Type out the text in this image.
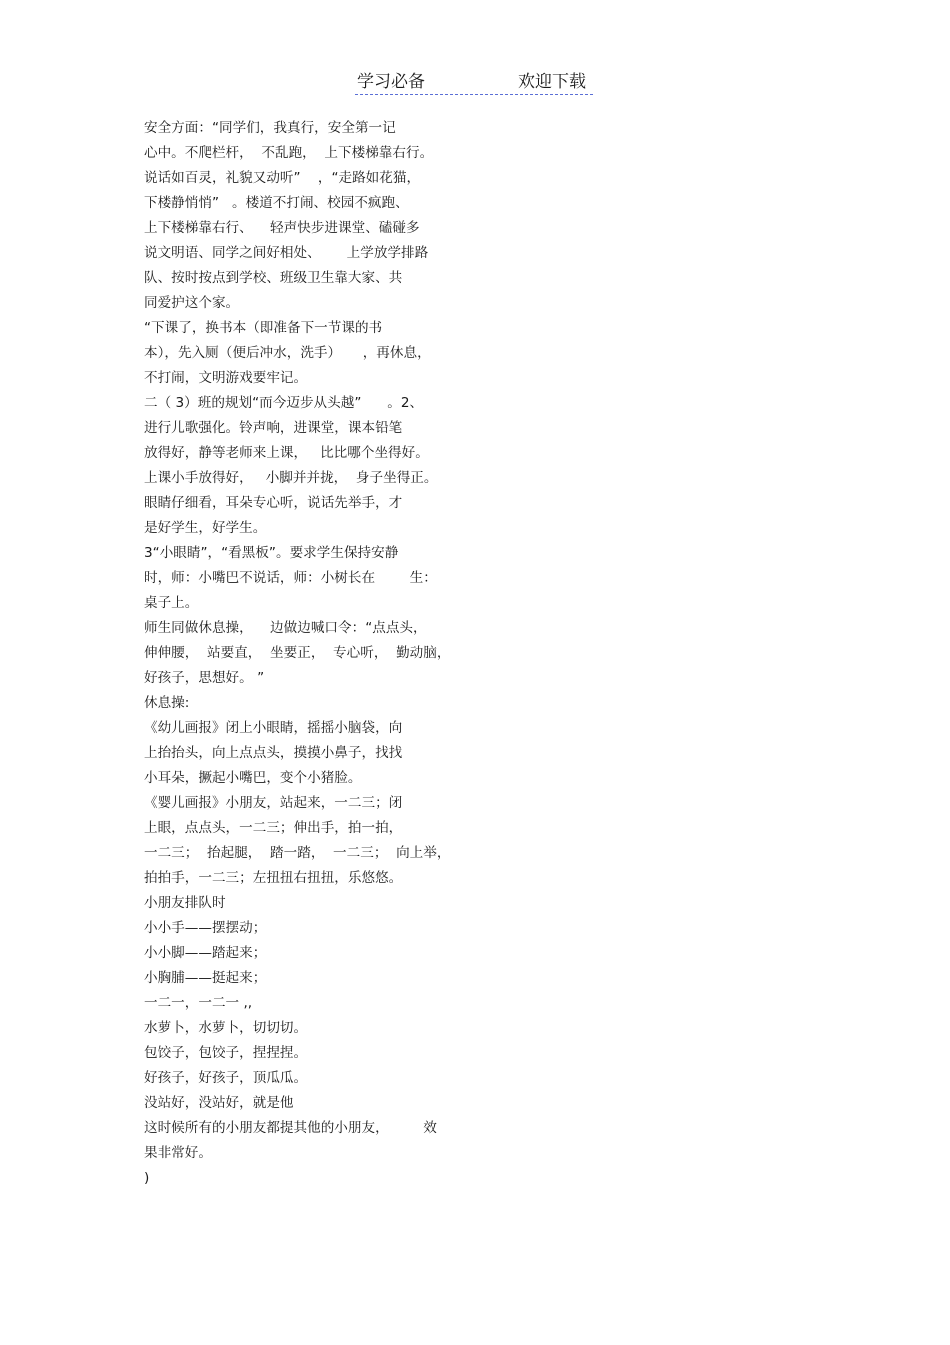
学习必备	欢迎下载
安全方面：“同学们，我真行，安全第一记
心中。不爬栏杆，  不乱跑，  上下楼梯靠右行。
说话如百灵，礼貌又动听”    ，“走路如花猫，
下楼静悄悄”   。楼道不打闹、校园不疯跑、
上下楼梯靠右行、    轻声快步进课堂、磕碰多
说文明语、同学之间好相处、      上学放学排路
队、按时按点到学校、班级卫生靠大家、共
同爱护这个家。
“下课了，换书本（即准备下一节课的书
本），先入厕（便后冲水，洗手）     ，再休息，
不打闹，文明游戏要牢记。
二（ 3）班的规划“而今迈步从头越”      。2、
进行儿歌强化。铃声响，进课堂，课本铅笔
放得好，静等老师来上课，   比比哪个坐得好。
上课小手放得好，   小脚并并拢，  身子坐得正。
眼睛仔细看，耳朵专心听，说话先举手，才
是好学生，好学生。
3“小眼睛”，“看黑板”。要求学生保持安静
时，师：小嘴巴不说话，师：小树长在        生：
桌子上。
师生同做休息操，    边做边喊口令：“点点头，
伸伸腰，  站要直，  坐要正，  专心听，  勤动脑，
好孩子，思想好。 ”
休息操:
《幼儿画报》闭上小眼睛，摇摇小脑袋，向
上抬抬头，向上点点头，摸摸小鼻子，找找
小耳朵，撅起小嘴巴，变个小猪脸。
《婴儿画报》小朋友，站起来，一二三；闭
上眼，点点头，一二三；伸出手，拍一拍，
一二三；  抬起腿，  踏一踏，  一二三；  向上举，
拍拍手，一二三；左扭扭右扭扭，乐悠悠。
小朋友排队时
小小手——摆摆动；
小小脚——踏起来；
小胸脯——挺起来；
一二一，一二一 ,,
水萝卜，水萝卜，切切切。
包饺子，包饺子，捏捏捏。
好孩子，好孩子，顶瓜瓜。
没站好，没站好，就是他
这时候所有的小朋友都提其他的小朋友，        效
果非常好。
)
